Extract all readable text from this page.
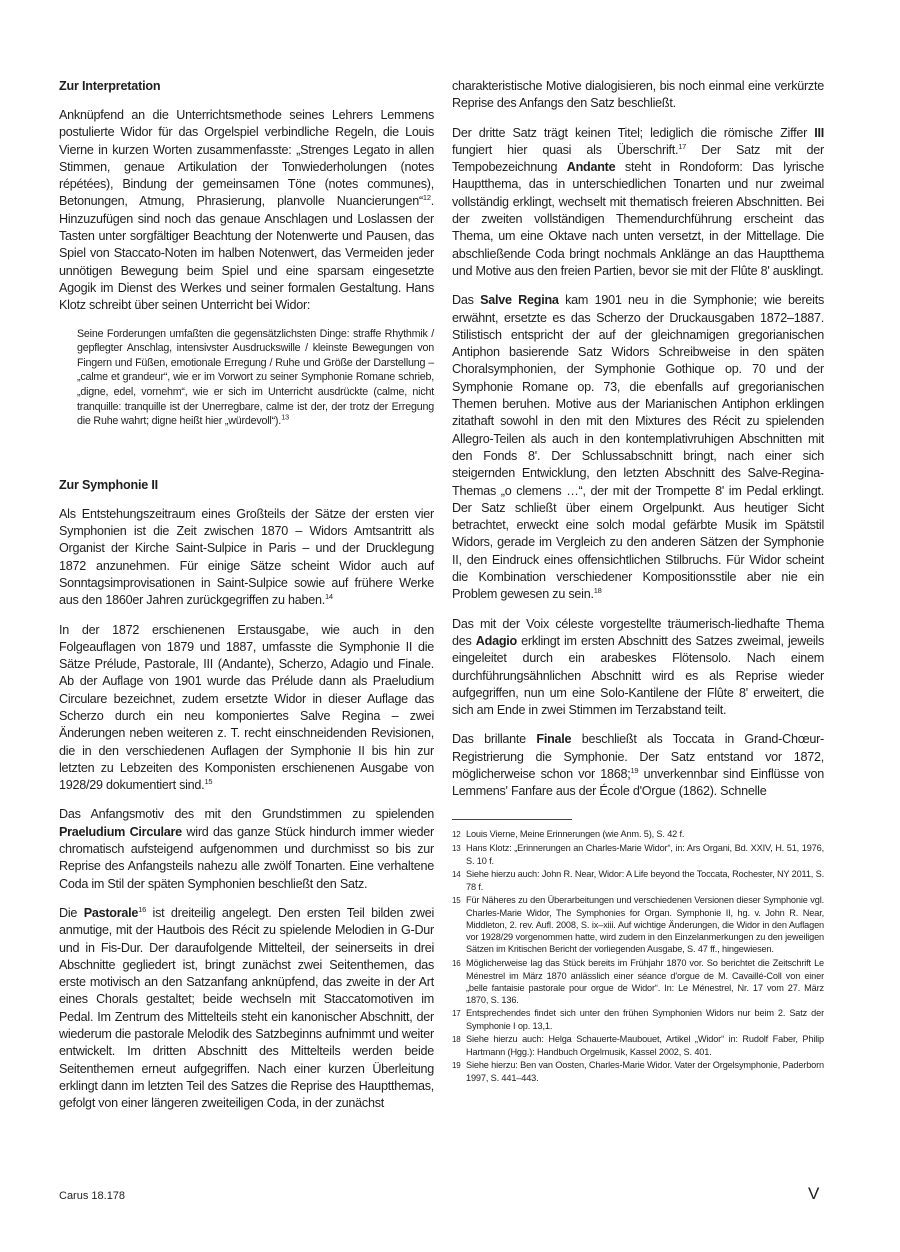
Zur Interpretation

Anknüpfend an die Unterrichtsmethode seines Lehrers Lemmens postulierte Widor für das Orgelspiel verbindliche Regeln, die Louis Vierne in kurzen Worten zusammenfasste: „Strenges Legato in allen Stimmen, genaue Artikulation der Tonwiederholungen (notes répétées), Bindung der gemeinsamen Töne (notes communes), Betonungen, Atmung, Phrasierung, planvolle Nuancierungen“$^{12}$. Hinzuzufügen sind noch das genaue Anschlagen und Loslassen der Tasten unter sorgfältiger Beachtung der Notenwerte und Pausen, das Spiel von Staccato-Noten im halben Notenwert, das Vermeiden jeder unnötigen Bewegung beim Spiel und eine sparsam eingesetzte Agogik im Dienst des Werkes und seiner formalen Gestaltung. Hans Klotz schreibt über seinen Unterricht bei Widor:

Seine Forderungen umfaßten die gegensätzlichsten Dinge: straffe Rhythmik / gepflegter Anschlag, intensivster Ausdruckswille / kleinste Bewegungen von Fingern und Füßen, emotionale Erregung / Ruhe und Größe der Darstellung – „calme et grandeur“, wie er im Vorwort zu seiner Symphonie Romane schrieb, „digne, edel, vornehm“, wie er sich im Unterricht ausdrückte (calme, nicht tranquille: tranquille ist der Unerregbare, calme ist der, der trotz der Erregung die Ruhe wahrt; digne heißt hier „würdevoll“).$^{13}$

Zur Symphonie II

Als Entstehungszeitraum eines Großteils der Sätze der ersten vier Symphonien ist die Zeit zwischen 1870 – Widors Amtsantritt als Organist der Kirche Saint-Sulpice in Paris – und der Drucklegung 1872 anzunehmen. Für einige Sätze scheint Widor auch auf Sonntagsimprovisationen in Saint-Sulpice sowie auf frühere Werke aus den 1860er Jahren zurückgegriffen zu haben.$^{14}$

In der 1872 erschienenen Erstausgabe, wie auch in den Folgeauflagen von 1879 und 1887, umfasste die Symphonie II die Sätze Prélude, Pastorale, III (Andante), Scherzo, Adagio und Finale. Ab der Auflage von 1901 wurde das Prélude dann als Praeludium Circulare bezeichnet, zudem ersetzte Widor in dieser Auflage das Scherzo durch ein neu komponiertes Salve Regina – zwei Änderungen neben weiteren z. T. recht einschneidenden Revisionen, die in den verschiedenen Auflagen der Symphonie II bis hin zur letzten zu Lebzeiten des Komponisten erschienenen Ausgabe von 1928/29 dokumentiert sind.$^{15}$

Das Anfangsmotiv des mit den Grundstimmen zu spielenden Praeludium Circulare wird das ganze Stück hindurch immer wieder chromatisch aufsteigend aufgenommen und durchmisst so bis zur Reprise des Anfangsteils nahezu alle zwölf Tonarten. Eine verhaltene Coda im Stil der späten Symphonien beschließt den Satz.

Die Pastorale$^{16}$ ist dreiteilig angelegt. Den ersten Teil bilden zwei anmutige, mit der Hautbois des Récit zu spielende Melodien in G-Dur und in Fis-Dur. Der daraufolgende Mittelteil, der seinerseits in drei Abschnitte gegliedert ist, bringt zunächst zwei Seitenthemen, das erste motivisch an den Satzanfang anknüpfend, das zweite in der Art eines Chorals gestaltet; beide wechseln mit Staccatomotiven im Pedal. Im Zentrum des Mittelteils steht ein kanonischer Abschnitt, der wiederum die pastorale Melodik des Satzbeginns aufnimmt und weiter entwickelt. Im dritten Abschnitt des Mittelteils werden beide Seitenthemen erneut aufgegriffen. Nach einer kurzen Überleitung erklingt dann im letzten Teil des Satzes die Reprise des Hauptthemas, gefolgt von einer längeren zweiteiligen Coda, in der zunächst

charakteristische Motive dialogisieren, bis noch einmal eine verkürzte Reprise des Anfangs den Satz beschließt.

Der dritte Satz trägt keinen Titel; lediglich die römische Ziffer III fungiert hier quasi als Überschrift.$^{17}$ Der Satz mit der Tempobezeichnung Andante steht in Rondoform: Das lyrische Hauptthema, das in unterschiedlichen Tonarten und nur zweimal vollständig erklingt, wechselt mit thematisch freieren Abschnitten. Bei der zweiten vollständigen Themendurchführung erscheint das Thema, um eine Oktave nach unten versetzt, in der Mittellage. Die abschließende Coda bringt nochmals Anklänge an das Hauptthema und Motive aus den freien Partien, bevor sie mit der Flûte 8' ausklingt.

Das Salve Regina kam 1901 neu in die Symphonie; wie bereits erwähnt, ersetzte es das Scherzo der Druckausgaben 1872–1887. Stilistisch entspricht der auf der gleichnamigen gregorianischen Antiphon basierende Satz Widors Schreibweise in den späten Choralsymphonien, der Symphonie Gothique op. 70 und der Symphonie Romane op. 73, die ebenfalls auf gregorianischen Themen beruhen. Motive aus der Marianischen Antiphon erklingen zitathaft sowohl in den mit den Mixtures des Récit zu spielenden Allegro-Teilen als auch in den kontemplativruhigen Abschnitten mit den Fonds 8'. Der Schlussabschnitt bringt, nach einer sich steigernden Entwicklung, den letzten Abschnitt des Salve-Regina-Themas „o clemens …“, der mit der Trompette 8' im Pedal erklingt. Der Satz schließt über einem Orgelpunkt. Aus heutiger Sicht betrachtet, erweckt eine solch modal gefärbte Musik im Spätstil Widors, gerade im Vergleich zu den anderen Sätzen der Symphonie II, den Eindruck eines offensichtlichen Stilbruchs. Für Widor scheint die Kombination verschiedener Kompositionsstile aber nie ein Problem gewesen zu sein.$^{18}$

Das mit der Voix céleste vorgestellte träumerisch-liedhafte Thema des Adagio erklingt im ersten Abschnitt des Satzes zweimal, jeweils eingeleitet durch ein arabeskes Flötensolo. Nach einem durchführungsähnlichen Abschnitt wird es als Reprise wieder aufgegriffen, nun um eine Solo-Kantilene der Flûte 8' erweitert, die sich am Ende in zwei Stimmen im Terzabstand teilt.

Das brillante Finale beschließt als Toccata in Grand-Chœur-Registrierung die Symphonie. Der Satz entstand vor 1872, möglicherweise schon vor 1868;$^{19}$ unverkennbar sind Einflüsse von Lemmens' Fanfare aus der École d'Orgue (1862). Schnelle

12 Louis Vierne, Meine Erinnerungen (wie Anm. 5), S. 42 f.

13 Hans Klotz: „Erinnerungen an Charles-Marie Widor“, in: Ars Organi, Bd. XXIV, H. 51, 1976, S. 10 f.

14 Siehe hierzu auch: John R. Near, Widor: A Life beyond the Toccata, Rochester, NY 2011, S. 78 f.

15 Für Näheres zu den Überarbeitungen und verschiedenen Versionen dieser Symphonie vgl. Charles-Marie Widor, The Symphonies for Organ. Symphonie II, hg. v. John R. Near, Middleton, 2. rev. Aufl. 2008, S. ix–xiii. Auf wichtige Änderungen, die Widor in den Auflagen vor 1928/29 vorgenommen hatte, wird zudem in den Einzelanmerkungen zu den jeweiligen Sätzen im Kritischen Bericht der vorliegenden Ausgabe, S. 47 ff., hingewiesen.

16 Möglicherweise lag das Stück bereits im Frühjahr 1870 vor. So berichtet die Zeitschrift Le Ménestrel im März 1870 anlässlich einer séance d'orgue de M. Cavaillé-Coll von einer „belle fantaisie pastorale pour orgue de Widor“. In: Le Ménestrel, Nr. 17 vom 27. März 1870, S. 136.

17 Entsprechendes findet sich unter den frühen Symphonien Widors nur beim 2. Satz der Symphonie I op. 13,1.

18 Siehe hierzu auch: Helga Schauerte-Maubouet, Artikel „Widor“ in: Rudolf Faber, Philip Hartmann (Hgg.): Handbuch Orgelmusik, Kassel 2002, S. 401.

19 Siehe hierzu: Ben van Oosten, Charles-Marie Widor. Vater der Orgelsymphonie, Paderborn 1997, S. 441–443.

Carus 18.178	V
